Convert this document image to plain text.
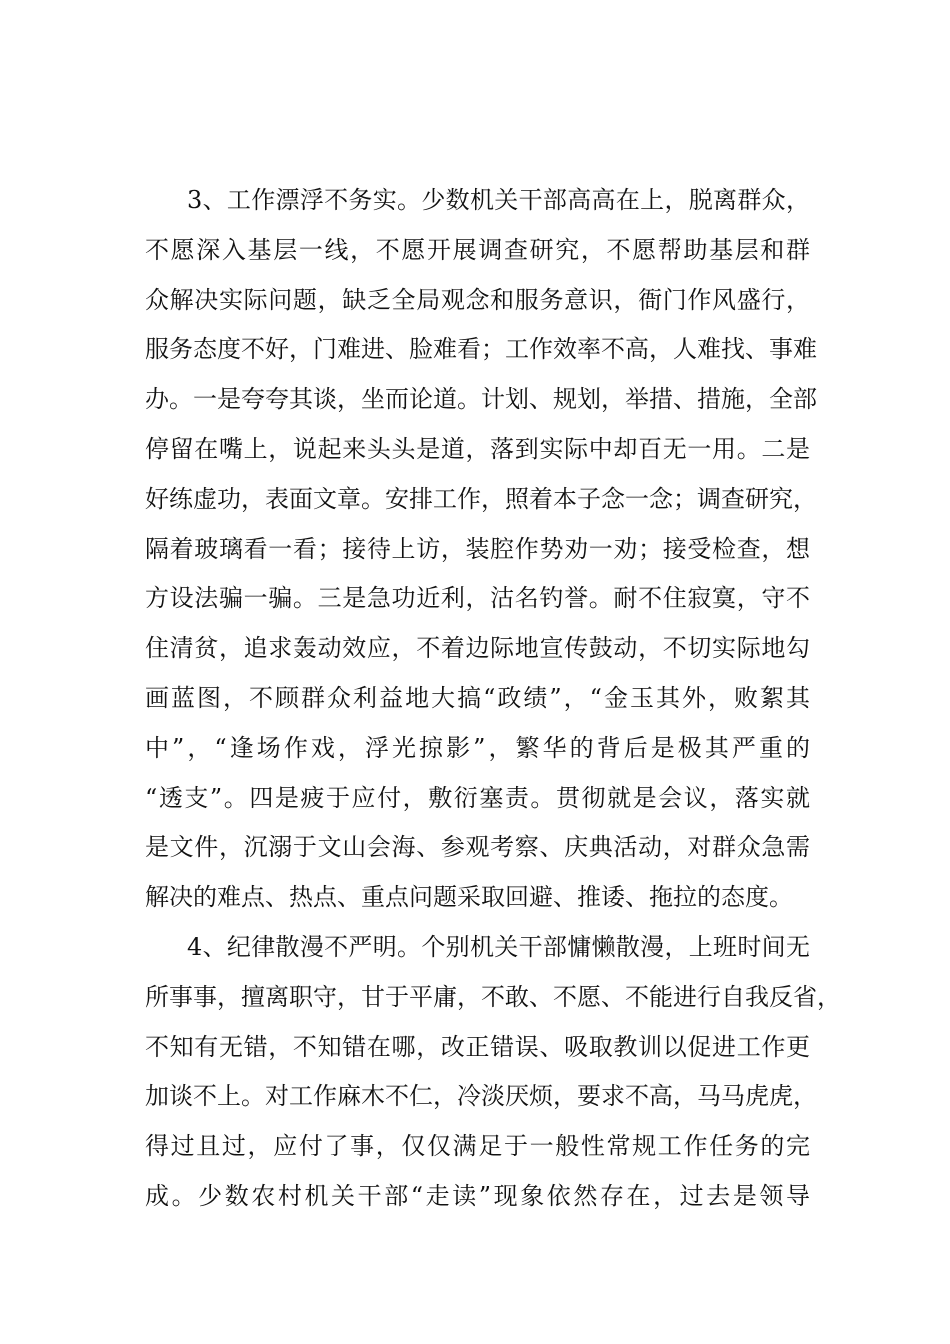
3、工作漂浮不务实。少数机关干部高高在上，脱离群众，
不愿深入基层一线，不愿开展调查研究，不愿帮助基层和群
众解决实际问题，缺乏全局观念和服务意识，衙门作风盛行，
服务态度不好，门难进、脸难看；工作效率不高，人难找、事难
办。一是夸夸其谈，坐而论道。计划、规划，举措、措施，全部
停留在嘴上，说起来头头是道，落到实际中却百无一用。二是
好练虚功，表面文章。安排工作，照着本子念一念；调查研究，
隔着玻璃看一看；接待上访，装腔作势劝一劝；接受检查，想
方设法骗一骗。三是急功近利，沽名钓誉。耐不住寂寞，守不
住清贫，追求轰动效应，不着边际地宣传鼓动，不切实际地勾
画蓝图，不顾群众利益地大搞“政绩”，“金玉其外，败絮其
中”，“逢场作戏，浮光掠影”，繁华的背后是极其严重的
“透支”。四是疲于应付，敷衍塞责。贯彻就是会议，落实就
是文件，沉溺于文山会海、参观考察、庆典活动，对群众急需
解决的难点、热点、重点问题采取回避、推诿、拖拉的态度。
4、纪律散漫不严明。个别机关干部慵懒散漫，上班时间无
所事事，擅离职守，甘于平庸，不敢、不愿、不能进行自我反省，
不知有无错，不知错在哪，改正错误、吸取教训以促进工作更
加谈不上。对工作麻木不仁，冷淡厌烦，要求不高，马马虎虎，
得过且过，应付了事，仅仅满足于一般性常规工作任务的完
成。少数农村机关干部“走读”现象依然存在，过去是领导
